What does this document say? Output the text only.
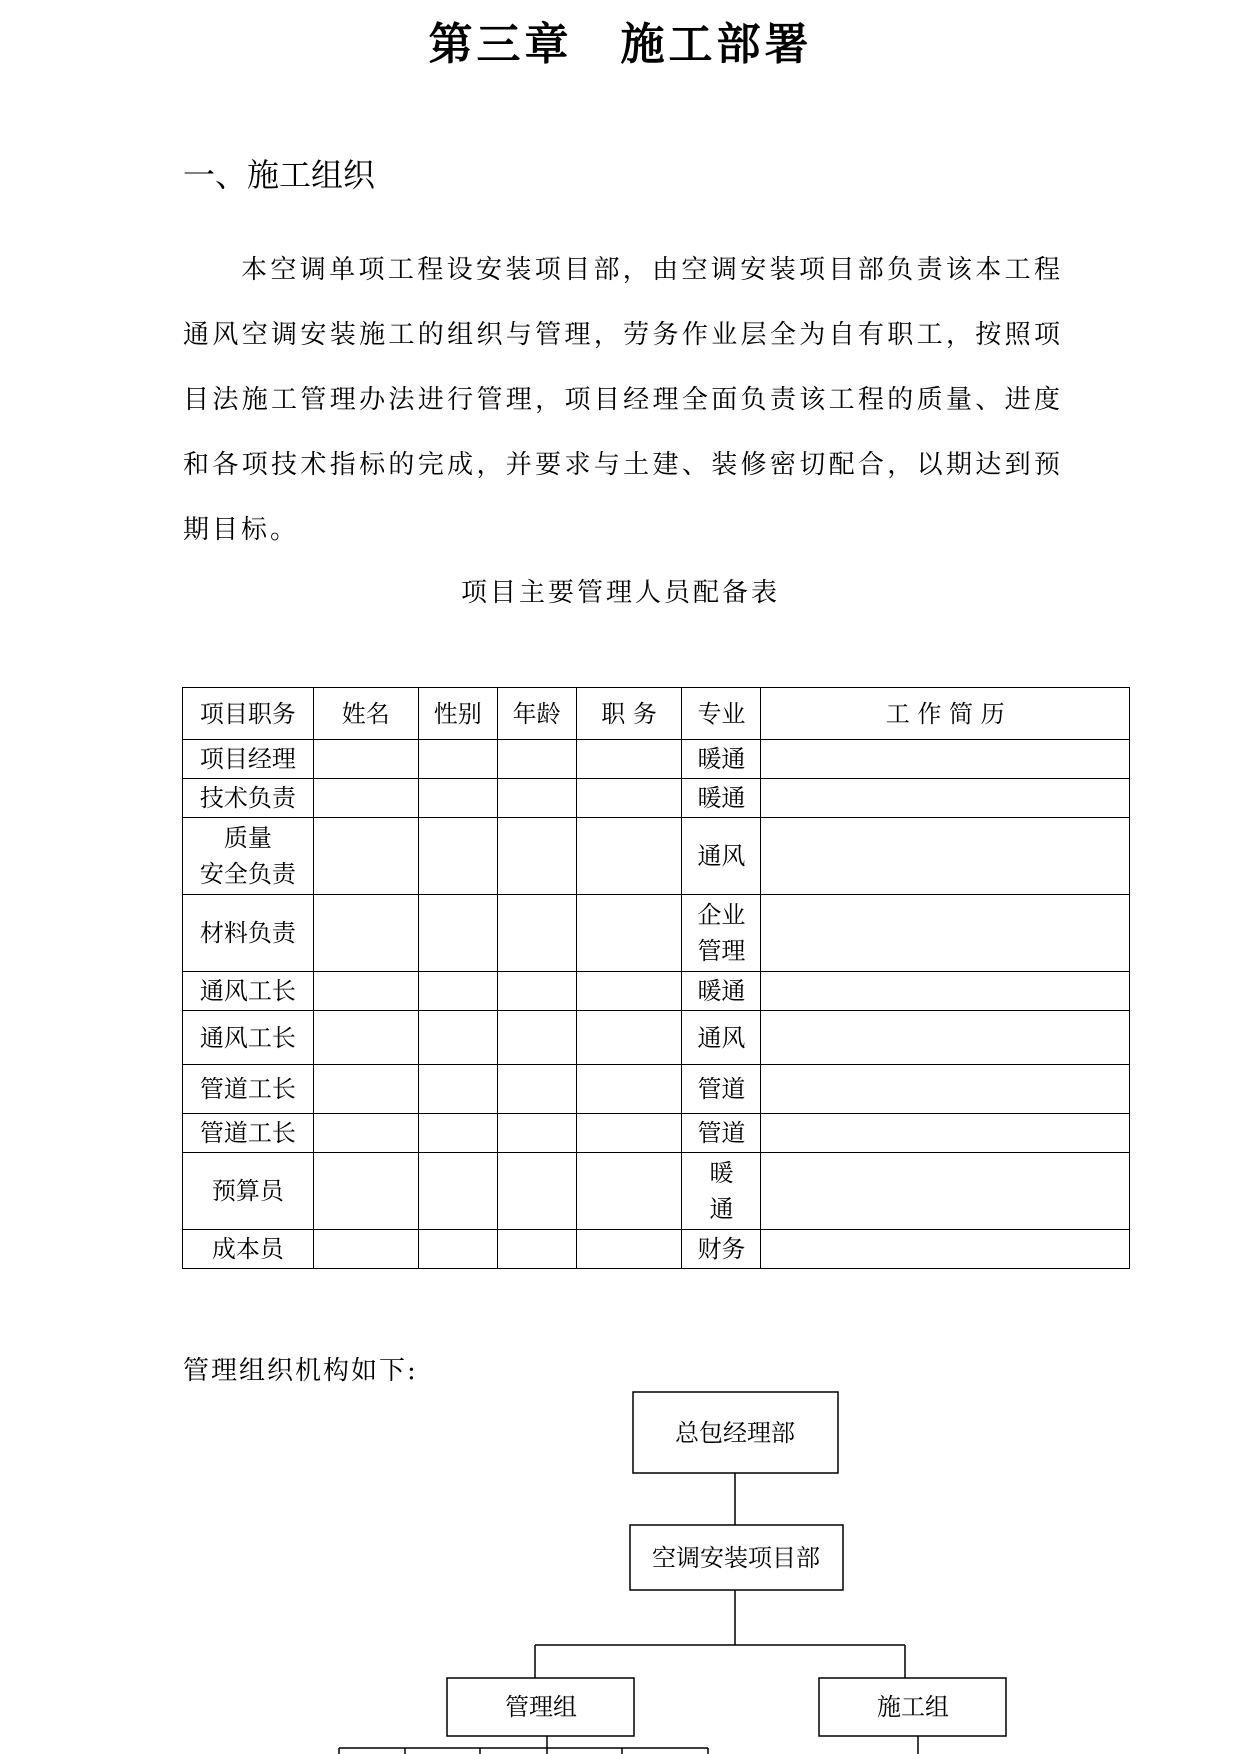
第三章　施工部署
一、施工组织
本空调单项工程设安装项目部，由空调安装项目部负责该本工程通风空调安装施工的组织与管理，劳务作业层全为自有职工，按照项目法施工管理办法进行管理，项目经理全面负责该工程的质量、进度和各项技术指标的完成，并要求与土建、装修密切配合，以期达到预期目标。
项目主要管理人员配备表
项目职务	姓名	性别	年龄	职 务	专业	工 作 简 历
项目经理					暖通	
技术负责					暖通	
质量
安全负责					通风	
材料负责					企业
管理	
通风工长					暖通	
通风工长					通风	
管道工长					管道	
管道工长					管道	
预算员					暖
通	
成本员					财务	
管理组织机构如下:
总包经理部
空调安装项目部
管理组	施工组
